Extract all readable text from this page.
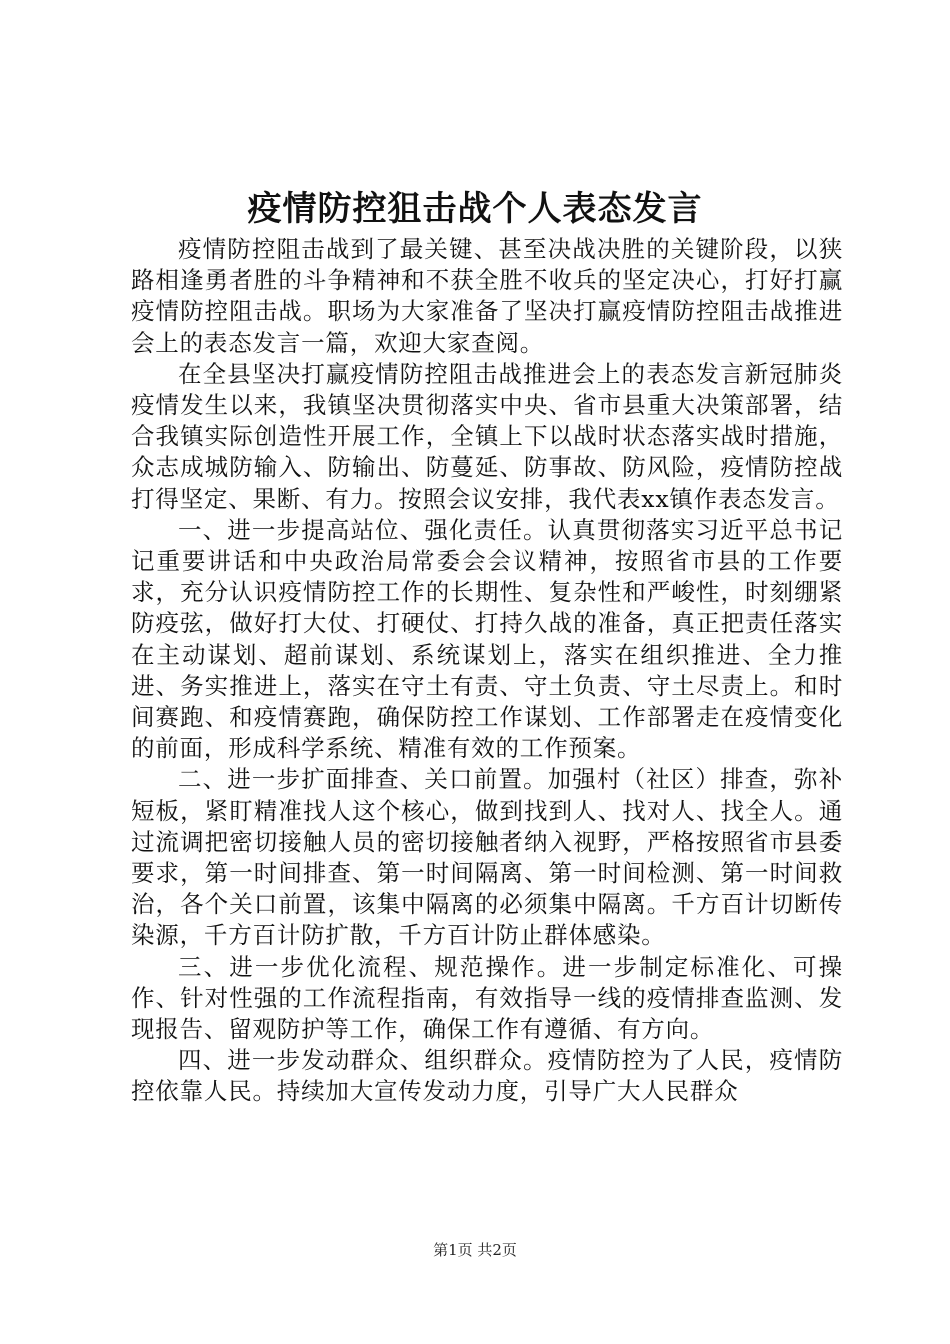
疫情防控狙击战个人表态发言

疫情防控阻击战到了最关键、甚至决战决胜的关键阶段，以狭路相逢勇者胜的斗争精神和不获全胜不收兵的坚定决心，打好打赢疫情防控阻击战。职场为大家准备了坚决打赢疫情防控阻击战推进会上的表态发言一篇，欢迎大家查阅。

在全县坚决打赢疫情防控阻击战推进会上的表态发言新冠肺炎疫情发生以来，我镇坚决贯彻落实中央、省市县重大决策部署，结合我镇实际创造性开展工作，全镇上下以战时状态落实战时措施，众志成城防输入、防输出、防蔓延、防事故、防风险，疫情防控战打得坚定、果断、有力。按照会议安排，我代表xx镇作表态发言。

一、进一步提高站位、强化责任。认真贯彻落实习近平总书记记重要讲话和中央政治局常委会会议精神，按照省市县的工作要求，充分认识疫情防控工作的长期性、复杂性和严峻性，时刻绷紧防疫弦，做好打大仗、打硬仗、打持久战的准备，真正把责任落实在主动谋划、超前谋划、系统谋划上，落实在组织推进、全力推进、务实推进上，落实在守土有责、守土负责、守土尽责上。和时间赛跑、和疫情赛跑，确保防控工作谋划、工作部署走在疫情变化的前面，形成科学系统、精准有效的工作预案。

二、进一步扩面排查、关口前置。加强村（社区）排查，弥补短板，紧盯精准找人这个核心，做到找到人、找对人、找全人。通过流调把密切接触人员的密切接触者纳入视野，严格按照省市县委要求，第一时间排查、第一时间隔离、第一时间检测、第一时间救治，各个关口前置，该集中隔离的必须集中隔离。千方百计切断传染源，千方百计防扩散，千方百计防止群体感染。

三、进一步优化流程、规范操作。进一步制定标准化、可操作、针对性强的工作流程指南，有效指导一线的疫情排查监测、发现报告、留观防护等工作，确保工作有遵循、有方向。

四、进一步发动群众、组织群众。疫情防控为了人民，疫情防控依靠人民。持续加大宣传发动力度，引导广大人民群众

第1页 共2页
